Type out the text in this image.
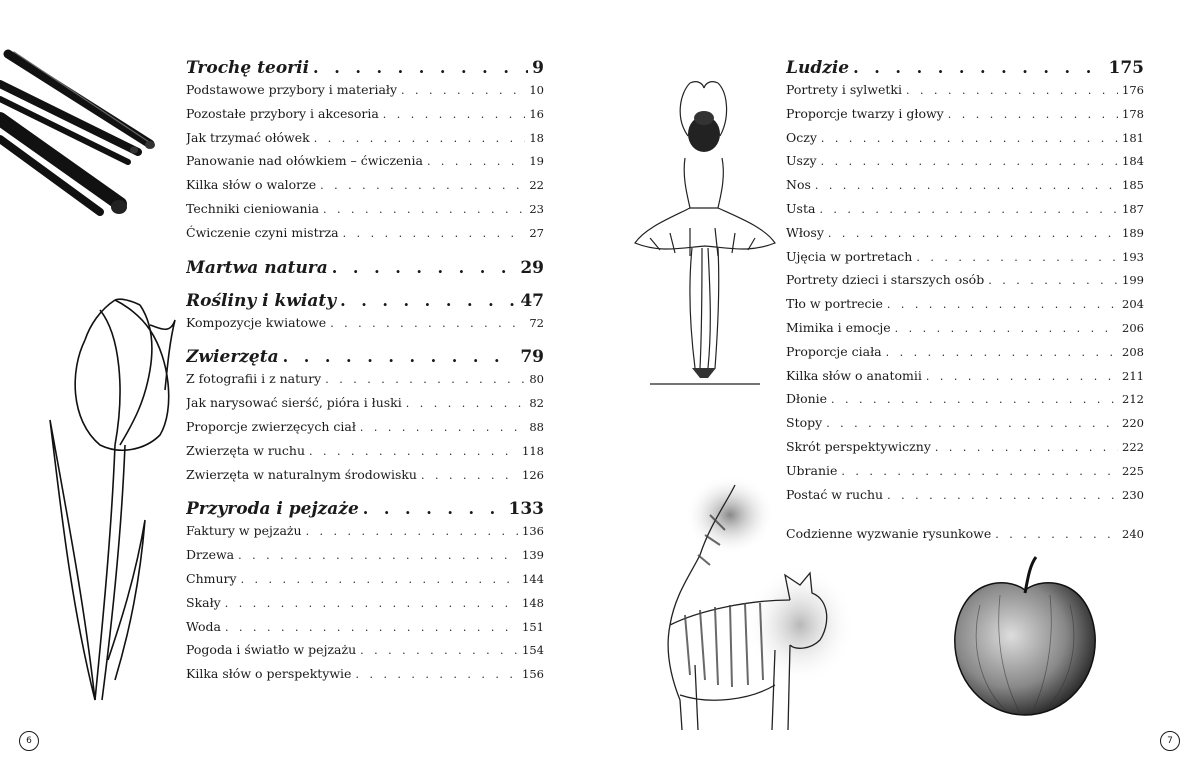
Trochę teorii . . .	9
Podstawowe przybory i materiały . . .	10
Pozostałe przybory i akcesoria . . .	16
Jak trzymać ołówek . . .	18
Panowanie nad ołówkiem – ćwiczenia . . .	19
Kilka słów o walorze . . .	22
Techniki cieniowania . . .	23
Ćwiczenie czyni mistrza . . .	27
Martwa natura . . .	29
Rośliny i kwiaty . . .	47
Kompozycje kwiatowe . . .	72
Zwierzęta . . .	79
Z fotografii i z natury . . .	80
Jak narysować sierść, pióra i łuski . . .	82
Proporcje zwierzęcych ciał . . .	88
Zwierzęta w ruchu . . .	118
Zwierzęta w naturalnym środowisku . . .	126
Przyroda i pejzaże . . .	133
Faktury w pejzażu . . .	136
Drzewa . . .	139
Chmury . . .	144
Skały . . .	148
Woda . . .	151
Pogoda i światło w pejzażu . . .	154
Kilka słów o perspektywie . . .	156
Ludzie . . .	175
Portrety i sylwetki . . .	176
Proporcje twarzy i głowy . . .	178
Oczy . . .	181
Uszy . . .	184
Nos . . .	185
Usta . . .	187
Włosy . . .	189
Ujęcia w portretach . . .	193
Portrety dzieci i starszych osób . . .	199
Tło w portrecie . . .	204
Mimika i emocje . . .	206
Proporcje ciała . . .	208
Kilka słów o anatomii . . .	211
Dłonie . . .	212
Stopy . . .	220
Skrót perspektywiczny . . .	222
Ubranie . . .	225
Postać w ruchu . . .	230
Codzienne wyzwanie rysunkowe . . .	240
6	7
